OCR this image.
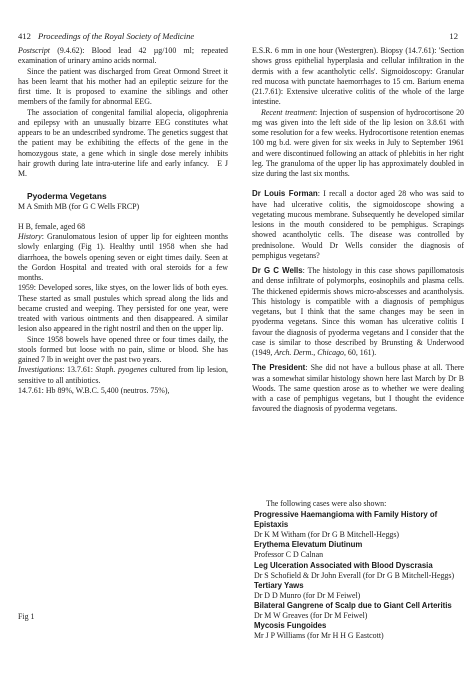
412 Proceedings of the Royal Society of Medicine	12

Postscript (9.4.62): Blood lead 42 µg/100 ml; repeated examination of urinary amino acids normal.

Since the patient was discharged from Great Ormond Street it has been learnt that his mother had an epileptic seizure for the first time. It is proposed to examine the siblings and other members of the family for abnormal EEG.

The association of congenital familial alopecia, oligophrenia and epilepsy with an unusually bizarre EEG constitutes what appears to be an undescribed syndrome. The genetics suggest that the patient may be exhibiting the effects of the gene in the homozygous state, a gene which in single dose merely inhibits hair growth during late intra-uterine life and early infancy. E J M.

Pyoderma Vegetans

M A Smith MB (for G C Wells FRCP)

H B, female, aged 68

History: Granulomatous lesion of upper lip for eighteen months slowly enlarging (Fig 1). Healthy until 1958 when she had diarrhoea, the bowels opening seven or eight times daily. Seen at the Gordon Hospital and treated with oral steroids for a few months.

1959: Developed sores, like styes, on the lower lids of both eyes. These started as small pustules which spread along the lids and became crusted and weeping. They persisted for one year, were treated with various ointments and then disappeared. A similar lesion also appeared in the right nostril and then on the upper lip.

Since 1958 bowels have opened three or four times daily, the stools formed but loose with no pain, slime or blood. She has gained 7 lb in weight over the past two years.

Investigations: 13.7.61: Staph. pyogenes cultured from lip lesion, sensitive to all antibiotics.

14.7.61: Hb 89%, W.B.C. 5,400 (neutros. 75%),

E.S.R. 6 mm in one hour (Westergren). Biopsy (14.7.61): 'Section shows gross epithelial hyperplasia and cellular infiltration in the dermis with a few acantholytic cells'. Sigmoidoscopy: Granular red mucosa with punctate haemorrhages to 15 cm. Barium enema (21.7.61): Extensive ulcerative colitis of the whole of the large intestine.

Recent treatment: Injection of suspension of hydrocortisone 20 mg was given into the left side of the lip lesion on 3.8.61 with some resolution for a few weeks. Hydrocortisone retention enemas 100 mg b.d. were given for six weeks in July to September 1961 and were discontinued following an attack of phlebitis in her right leg. The granuloma of the upper lip has approximately doubled in size during the last six months.

Dr Louis Forman: I recall a doctor aged 28 who was said to have had ulcerative colitis, the sigmoidoscope showing a vegetating mucous membrane. Subsequently he developed similar lesions in the mouth considered to be pemphigus. Scrapings showed acantholytic cells. The disease was controlled by prednisolone. Would Dr Wells consider the diagnosis of pemphigus vegetans?

Dr G C Wells: The histology in this case shows papillomatosis and dense infiltrate of polymorphs, eosinophils and plasma cells. The thickened epidermis shows micro-abscesses and acantholysis. This histology is compatible with a diagnosis of pemphigus vegetans, but I think that the same changes may be seen in pyoderma vegetans. Since this woman has ulcerative colitis I favour the diagnosis of pyoderma vegetans and I consider that the case is similar to those described by Brunsting & Underwood (1949, Arch. Derm., Chicago, 60, 161).

The President: She did not have a bullous phase at all. There was a somewhat similar histology shown here last March by Dr B Woods. The same question arose as to whether we were dealing with a case of pemphigus vegetans, but I thought the evidence favoured the diagnosis of pyoderma vegetans.

The following cases were also shown:

Progressive Haemangioma with Family History of Epistaxis

Dr K M Witham (for Dr G B Mitchell-Heggs)

Erythema Elevatum Diutinum

Professor C D Calnan

Leg Ulceration Associated with Blood Dyscrasia

Dr S Schofield & Dr John Everall (for Dr G B Mitchell-Heggs)

Tertiary Yaws

Dr D D Munro (for Dr M Feiwel)

Bilateral Gangrene of Scalp due to Giant Cell Arteritis

Dr M W Greaves (for Dr M Feiwel)

Mycosis Fungoides

Mr J P Williams (for Mr H H G Eastcott)

Fig 1
